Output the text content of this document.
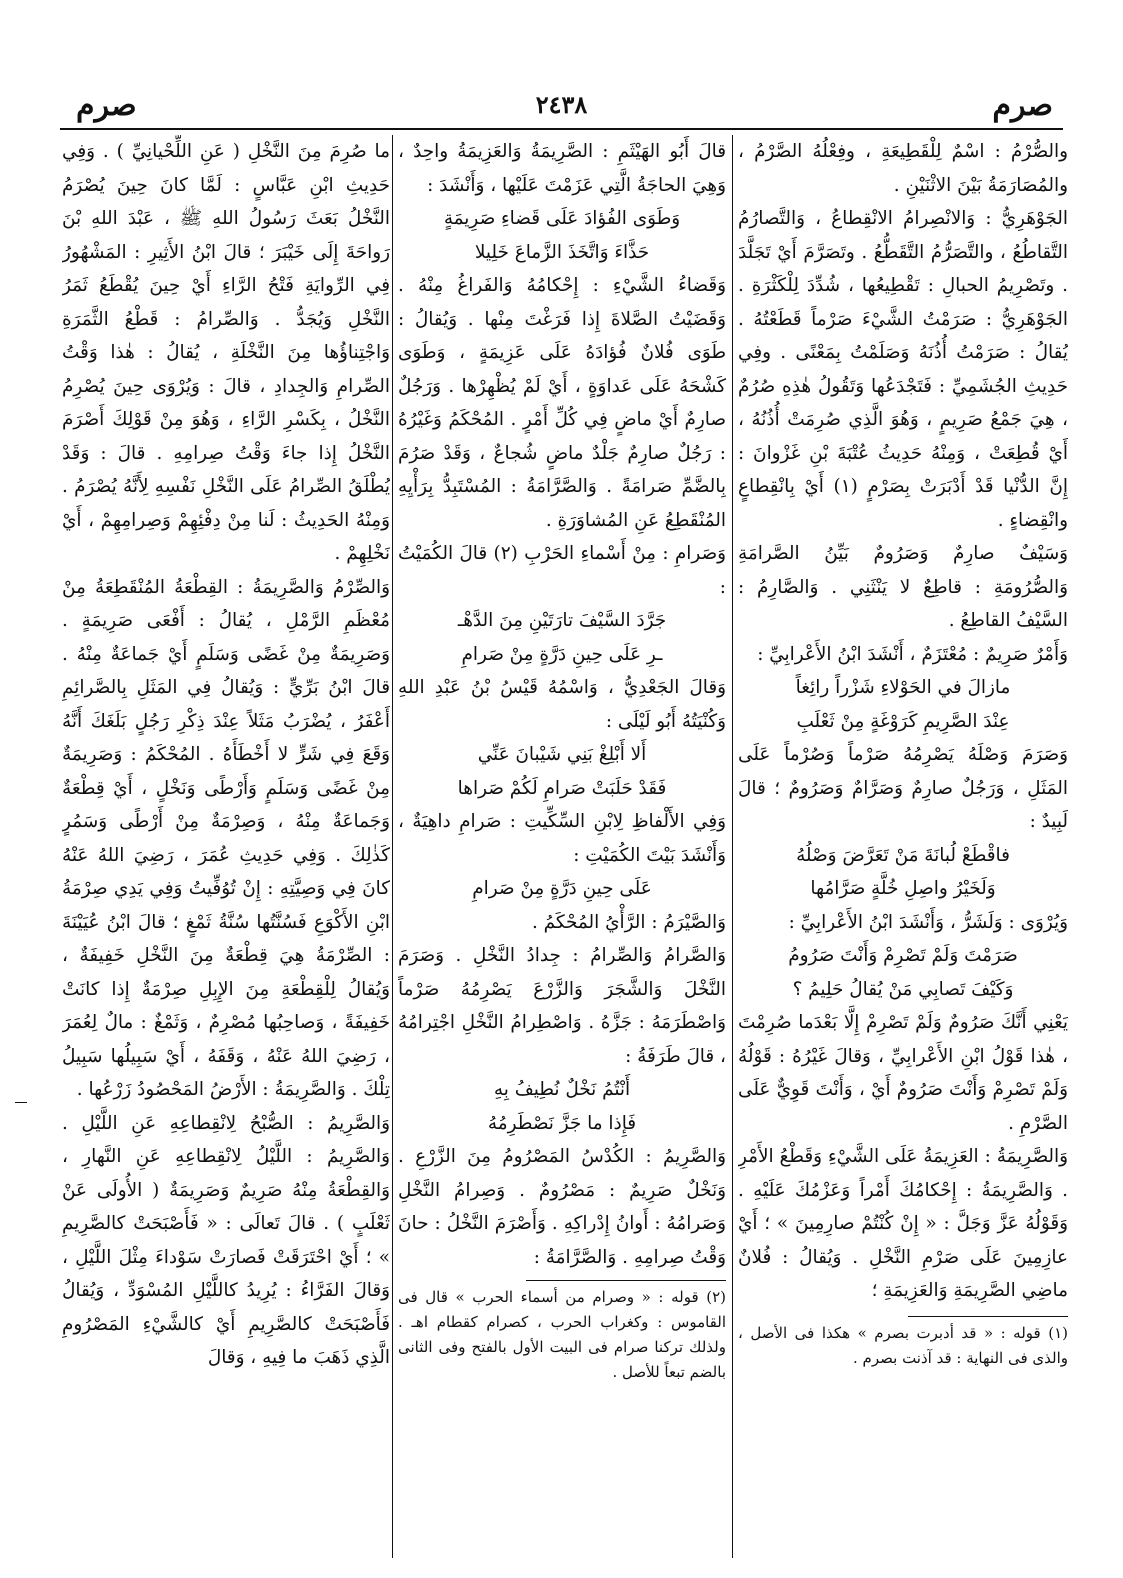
صرم	٢٤٣٨	صرم

والصُّرْمُ : اسْمٌ لِلْقَطِيعَةِ ، وفِعْلُهُ الصَّرْمُ ، والمُصَارَمَةُ بَيْنَ الاثْنَيْنِ .

الجَوْهَرِيُّ : وَالانْصِرامُ الانْقِطاعُ ، وَالتَّصارُمُ التَّقاطُعُ ، والتَّصَرُّمُ التَّقَطُّعُ . وتَصَرَّمَ أَيْ تَجَلَّدَ . وتَصْرِيمُ الحبالِ : تَقْطِيعُها ، شُدِّدَ لِلْكَثْرَةِ . الجَوْهَرِيُّ : صَرَمْتُ الشَّيْءَ صَرْماً قَطَعْتُهُ . يُقالُ : صَرَمْتُ أُذُنَهُ وَصَلَمْتُ بِمَعْنًى . وفِي حَدِيثِ الجُشَمِيِّ : فَتَجْدَعُها وَتَقُولُ هٰذِهِ صُرُمٌ ، هِيَ جَمْعُ صَرِيمٍ ، وَهُوَ الَّذِي صُرِمَتْ أُذُنُهُ ، أَيْ قُطِعَتْ ، وَمِنْهُ حَدِيثُ عُتْبَةَ بْنِ غَزْوانَ : إِنَّ الدُّنْيا قَدْ أَدْبَرَتْ بِصَرْمٍ (١) أَيْ بِانْقِطاعٍ وانْقِضاءٍ .

وَسَيْفٌ صارِمٌ وَصَرُومٌ بَيِّنُ الصَّرامَةِ وَالصُّرُومَةِ : قاطِعٌ لا يَنْثَنِي . وَالصَّارِمُ : السَّيْفُ القاطِعُ .

وَأَمْرٌ صَرِيمٌ : مُعْتَزَمٌ ، أَنْشَدَ ابْنُ الأَعْرابِيِّ :

مازالَ في الحَوْلاءِ شَزْراً رائِغاً

عِنْدَ الصَّرِيمِ كَرَوْغَةٍ مِنْ ثَعْلَبِ

وَصَرَمَ وَصْلَهُ يَصْرِمُهُ صَرْماً وَصُرْماً عَلَى المَثَلِ ، وَرَجُلٌ صارِمٌ وَصَرَّامٌ وَصَرُومٌ ؛ قالَ لَبِيدٌ :

فاقْطَعْ لُبانَةَ مَنْ تَعَرَّضَ وَصْلُهُ

وَلَخَيْرُ واصِلِ خُلَّةٍ صَرَّامُها

وَيُرْوَى : وَلَشَرُّ ، وَأَنْشَدَ ابْنُ الأَعْرابِيِّ :

صَرَمْتَ وَلَمْ تَصْرِمْ وَأَنْتَ صَرُومُ

وَكَيْفَ تَصابِي مَنْ يُقالُ حَلِيمُ ؟

يَعْنِي أَنَّكَ صَرُومٌ وَلَمْ تَصْرِمْ إِلَّا بَعْدَما صُرِمْتَ ، هٰذا قَوْلُ ابْنِ الأَعْرابِيِّ ، وَقالَ غَيْرُهُ : قَوْلُهُ وَلَمْ تَصْرِمْ وَأَنْتَ صَرُومٌ أَيْ ، وَأَنْتَ قَوِيٌّ عَلَى الصَّرْمِ .

وَالصَّرِيمَةُ : العَزِيمَةُ عَلَى الشَّيْءِ وَقَطْعُ الأَمْرِ . وَالصَّرِيمَةُ : إِحْكامُكَ أَمْراً وَعَزْمُكَ عَلَيْهِ . وَقَوْلُهُ عَزَّ وَجَلَّ : « إِنْ كُنْتُمْ صارِمِينَ » ؛ أَيْ عازِمِينَ عَلَى صَرْمِ النَّخْلِ . وَيُقالُ : فُلانٌ ماضِي الصَّرِيمَةِ وَالعَزِيمَةِ ؛

(١) قوله : « قد أدبرت بصرم » هكذا فى الأصل ، والذى فى النهاية : قد آذنت بصرم .

قالَ أَبُو الهَيْثَمِ : الصَّرِيمَةُ وَالعَزِيمَةُ واحِدٌ ، وَهِيَ الحاجَةُ الَّتِي عَزَمْتَ عَلَيْها ، وَأَنْشَدَ :

وَطَوَى الفُؤادَ عَلَى قَضاءِ صَرِيمَةٍ

حَذَّاءَ وَاتَّخَذَ الزَّماعَ خَلِيلا

وَقَضاءُ الشَّيْءِ : إِحْكامُهُ وَالفَراغُ مِنْهُ . وَقَضَيْتُ الصَّلاةَ إِذا فَرَغْتَ مِنْها . وَيُقالُ : طَوَى فُلانٌ فُؤادَهُ عَلَى عَزِيمَةٍ ، وَطَوَى كَشْحَهُ عَلَى عَداوَةٍ ، أَيْ لَمْ يُظْهِرْها . وَرَجُلٌ صارِمٌ أَيْ ماضٍ فِي كُلِّ أَمْرٍ . المُحْكَمُ وَغَيْرُهُ : رَجُلٌ صارِمٌ جَلْدٌ ماضٍ شُجاعٌ ، وَقَدْ صَرُمَ بِالضَّمِّ صَرامَةً . وَالصَّرَّامَةُ : المُسْتَبِدُّ بِرَأْيِهِ المُنْقَطِعُ عَنِ المُشاوَرَةِ .

وَصَرامِ : مِنْ أَسْماءِ الحَرْبِ (٢) قالَ الكُمَيْتُ :

جَرَّدَ السَّيْفَ تارَتَيْنِ مِنَ الدَّهْـ

ـرِ عَلَى حِينِ دَرَّةٍ مِنْ صَرامِ

وَقالَ الجَعْدِيُّ ، وَاسْمُهُ قَيْسُ بْنُ عَبْدِ اللهِ وَكُنْيَتُهُ أَبُو لَيْلَى :

أَلا أَبْلِغْ بَنِي شَيْبانَ عَنِّي

فَقَدْ حَلَبَتْ صَرامِ لَكُمْ صَراها

وَفِي الأَلْفاظِ لِابْنِ السِّكِّيتِ : صَرامِ داهِيَةٌ ، وَأَنْشَدَ بَيْتَ الكُمَيْتِ :

عَلَى حِينِ دَرَّةٍ مِنْ صَرامِ

وَالصَّيْرَمُ : الرَّأْيُ المُحْكَمُ .

وَالصَّرامُ وَالصِّرامُ : جِدادُ النَّخْلِ . وَصَرَمَ النَّخْلَ وَالشَّجَرَ وَالزَّرْعَ يَصْرِمُهُ صَرْماً وَاصْطَرَمَهُ : جَزَّهُ . وَاصْطِرامُ النَّخْلِ اجْتِرامُهُ ، قالَ طَرَفَةُ :

أَنْتُمُ نَخْلٌ نُطِيفُ بِهِ

فَإِذا ما جَزَّ نَصْطَرِمُهُ

وَالصَّرِيمُ : الكُدْسُ المَصْرُومُ مِنَ الزَّرْعِ . وَنَخْلٌ صَرِيمٌ : مَصْرُومٌ . وَصِرامُ النَّخْلِ وَصَرامُهُ : أَوانُ إِدْراكِهِ . وَأَصْرَمَ النَّخْلُ : حانَ وَقْتُ صِرامِهِ . وَالصَّرَّامَةُ :

(٢) قوله : « وصرام من أسماء الحرب » قال فى القاموس : وكغراب الحرب ، كصرام كقطام اهـ . ولذلك تركنا صرام فى البيت الأول بالفتح وفى الثانى بالضم تبعاً للأصل .

ما صُرِمَ مِنَ النَّخْلِ ( عَنِ اللِّحْيانِيِّ ) . وَفِي حَدِيثِ ابْنِ عَبَّاسٍ : لَمَّا كانَ حِينَ يُصْرَمُ النَّخْلُ بَعَثَ رَسُولُ اللهِ ﷺ ، عَبْدَ اللهِ بْنَ رَواحَةَ إِلَى خَيْبَرَ ؛ قالَ ابْنُ الأَثِيرِ : المَشْهُورُ فِي الرِّوايَةِ فَتْحُ الرَّاءِ أَيْ حِينَ يُقْطَعُ ثَمَرُ النَّخْلِ وَيُجَدُّ . وَالصِّرامُ : قَطْعُ الثَّمَرَةِ وَاجْتِناؤُها مِنَ النَّخْلَةِ ، يُقالُ : هٰذا وَقْتُ الصِّرامِ وَالجِدادِ ، قالَ : وَيُرْوَى حِينَ يُصْرِمُ النَّخْلُ ، بِكَسْرِ الرَّاءِ ، وَهُوَ مِنْ قَوْلِكَ أَصْرَمَ النَّخْلُ إِذا جاءَ وَقْتُ صِرامِهِ . قالَ : وَقَدْ يُطْلَقُ الصِّرامُ عَلَى النَّخْلِ نَفْسِهِ لِأَنَّهُ يُصْرَمُ . وَمِنْهُ الحَدِيثُ : لَنا مِنْ دِفْئِهِمْ وَصِرامِهِمْ ، أَيْ نَخْلِهِمْ .

وَالصِّرْمُ وَالصَّرِيمَةُ : القِطْعَةُ المُنْقَطِعَةُ مِنْ مُعْظَمِ الرَّمْلِ ، يُقالُ : أَفْعَى صَرِيمَةٍ . وَصَرِيمَةٌ مِنْ غَضًى وَسَلَمٍ أَيْ جَماعَةٌ مِنْهُ . قالَ ابْنُ بَرِّيٍّ : وَيُقالُ فِي المَثَلِ بِالصَّرائِمِ أَعْفَرُ ، يُضْرَبُ مَثَلاً عِنْدَ ذِكْرِ رَجُلٍ بَلَغَكَ أَنَّهُ وَقَعَ فِي شَرٍّ لا أَخْطَأَهُ . المُحْكَمُ : وَصَرِيمَةٌ مِنْ غَضًى وَسَلَمٍ وَأَرْطًى وَنَخْلٍ ، أَيْ قِطْعَةٌ وَجَماعَةٌ مِنْهُ ، وَصِرْمَةٌ مِنْ أَرْطًى وَسَمُرٍ كَذٰلِكَ . وَفِي حَدِيثِ عُمَرَ ، رَضِيَ اللهُ عَنْهُ كانَ فِي وَصِيَّتِهِ : إِنْ تُوُفِّيتُ وَفِي يَدِي صِرْمَةُ ابْنِ الأَكْوَعِ فَسُنَّتُها سُنَّةُ ثَمْغٍ ؛ قالَ ابْنُ عُيَيْنَةَ : الصِّرْمَةُ هِيَ قِطْعَةٌ مِنَ النَّخْلِ خَفِيفَةٌ ، وَيُقالُ لِلْقِطْعَةِ مِنَ الإِبِلِ صِرْمَةٌ إِذا كانَتْ خَفِيفَةً ، وَصاحِبُها مُصْرِمٌ ، وَثَمْغٌ : مالٌ لِعُمَرَ ، رَضِيَ اللهُ عَنْهُ ، وَقَفَهُ ، أَيْ سَبِيلُها سَبِيلُ تِلْكَ . وَالصَّرِيمَةُ : الأَرْضُ المَحْصُودُ زَرْعُها .

وَالصَّرِيمُ : الصُّبْحُ لِانْقِطاعِهِ عَنِ اللَّيْلِ . وَالصَّرِيمُ : اللَّيْلُ لِانْقِطاعِهِ عَنِ النَّهارِ ، وَالقِطْعَةُ مِنْهُ صَرِيمٌ وَصَرِيمَةٌ ( الأُولَى عَنْ ثَعْلَبٍ ) . قالَ تَعالَى : « فَأَصْبَحَتْ كالصَّرِيمِ » ؛ أَيْ احْتَرَقَتْ فَصارَتْ سَوْداءَ مِثْلَ اللَّيْلِ ، وَقالَ الفَرَّاءُ : يُرِيدُ كاللَّيْلِ المُسْوَدِّ ، وَيُقالُ فَأَصْبَحَتْ كالصَّرِيمِ أَيْ كالشَّيْءِ المَصْرُومِ الَّذِي ذَهَبَ ما فِيهِ ، وَقالَ
